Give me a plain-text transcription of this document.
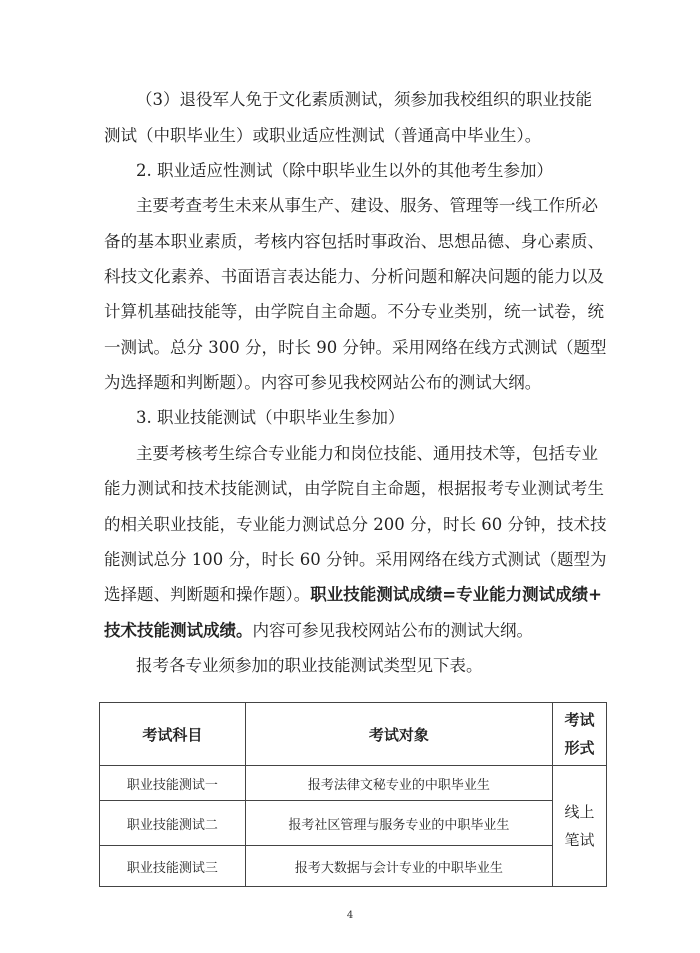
（3）退役军人免于文化素质测试，须参加我校组织的职业技能
测试（中职毕业生）或职业适应性测试（普通高中毕业生）。
2. 职业适应性测试（除中职毕业生以外的其他考生参加）
主要考查考生未来从事生产、建设、服务、管理等一线工作所必
备的基本职业素质，考核内容包括时事政治、思想品德、身心素质、
科技文化素养、书面语言表达能力、分析问题和解决问题的能力以及
计算机基础技能等，由学院自主命题。不分专业类别，统一试卷，统
一测试。总分 300 分，时长 90 分钟。采用网络在线方式测试（题型
为选择题和判断题）。内容可参见我校网站公布的测试大纲。
3. 职业技能测试（中职毕业生参加）
主要考核考生综合专业能力和岗位技能、通用技术等，包括专业
能力测试和技术技能测试，由学院自主命题，根据报考专业测试考生
的相关职业技能，专业能力测试总分 200 分，时长 60 分钟，技术技
能测试总分 100 分，时长 60 分钟。采用网络在线方式测试（题型为
选择题、判断题和操作题）。职业技能测试成绩=专业能力测试成绩+
技术技能测试成绩。内容可参见我校网站公布的测试大纲。
报考各专业须参加的职业技能测试类型见下表。
考试科目	考试对象	考试
形式

职业技能测试一	报考法律文秘专业的中职毕业生	线上
笔试

职业技能测试二	报考社区管理与服务专业的中职毕业生	
职业技能测试三	报考大数据与会计专业的中职毕业生	
4
